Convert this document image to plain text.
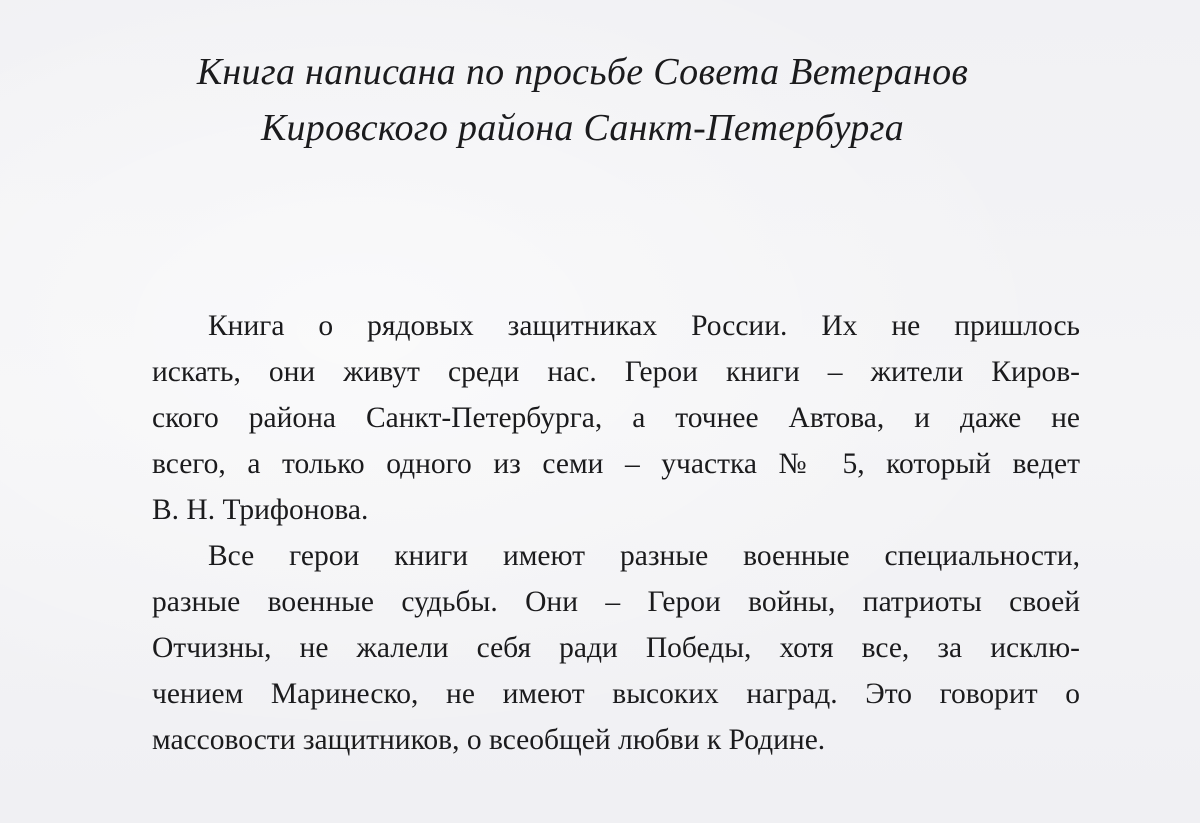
Книга написана по просьбе Совета Ветеранов
Кировского района Санкт-Петербурга

Книга о рядовых защитниках России. Их не пришлось
искать, они живут среди нас. Герои книги – жители Киров-
ского района Санкт-Петербурга, а точнее Автова, и даже не
всего, а только одного из семи – участка № 5, который ведет
В. Н. Трифонова.

Все герои книги имеют разные военные специальности,
разные военные судьбы. Они – Герои войны, патриоты своей
Отчизны, не жалели себя ради Победы, хотя все, за исклю-
чением Маринеско, не имеют высоких наград. Это говорит о
массовости защитников, о всеобщей любви к Родине.
